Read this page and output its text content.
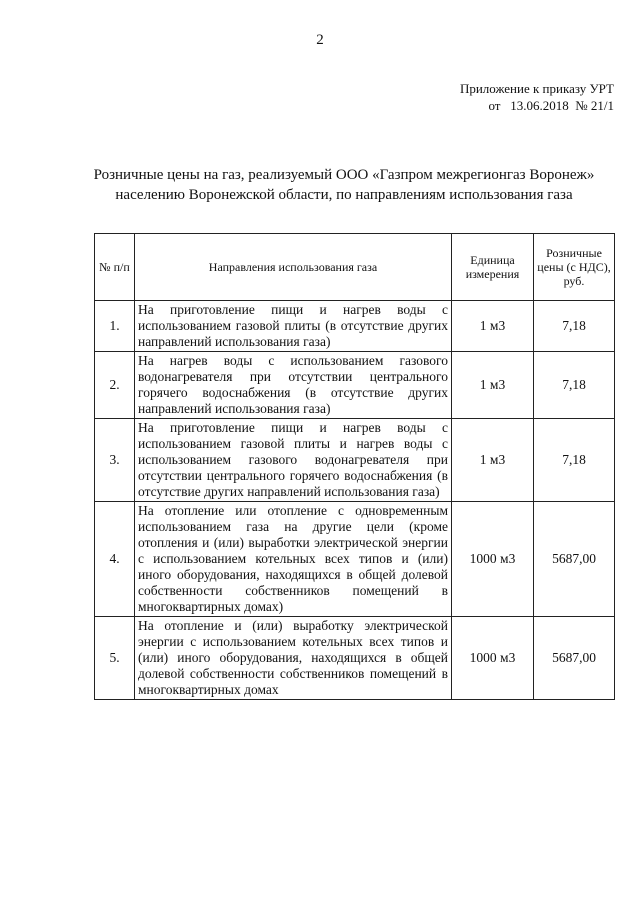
2
Приложение к приказу УРТ
от   13.06.2018  № 21/1
Розничные цены на газ, реализуемый ООО «Газпром межрегионгаз Воронеж»
населению Воронежской области, по направлениям использования газа
№ п/п	Направления использования газа	Единица измерения	Розничные цены (с НДС), руб.
1.	На приготовление пищи и нагрев воды с использованием газовой плиты (в отсутствие других направлений использования газа)	1 м3	7,18
2.	На нагрев воды с использованием газового водонагревателя при отсутствии центрального горячего водоснабжения (в отсутствие других направлений использования газа)	1 м3	7,18
3.	На приготовление пищи и нагрев воды с использованием газовой плиты и нагрев воды с использованием газового водонагревателя при отсутствии центрального горячего водоснабжения (в отсутствие других направлений использования газа)	1 м3	7,18
4.	На отопление или отопление с одновременным использованием газа на другие цели (кроме отопления и (или) выработки электрической энергии с использованием котельных всех типов и (или) иного оборудования, находящихся в общей долевой собственности собственников помещений в многоквартирных домах)	1000 м3	5687,00
5.	На отопление и (или) выработку электрической энергии с использованием котельных всех типов и (или) иного оборудования, находящихся в общей долевой собственности собственников помещений в многоквартирных домах	1000 м3	5687,00
